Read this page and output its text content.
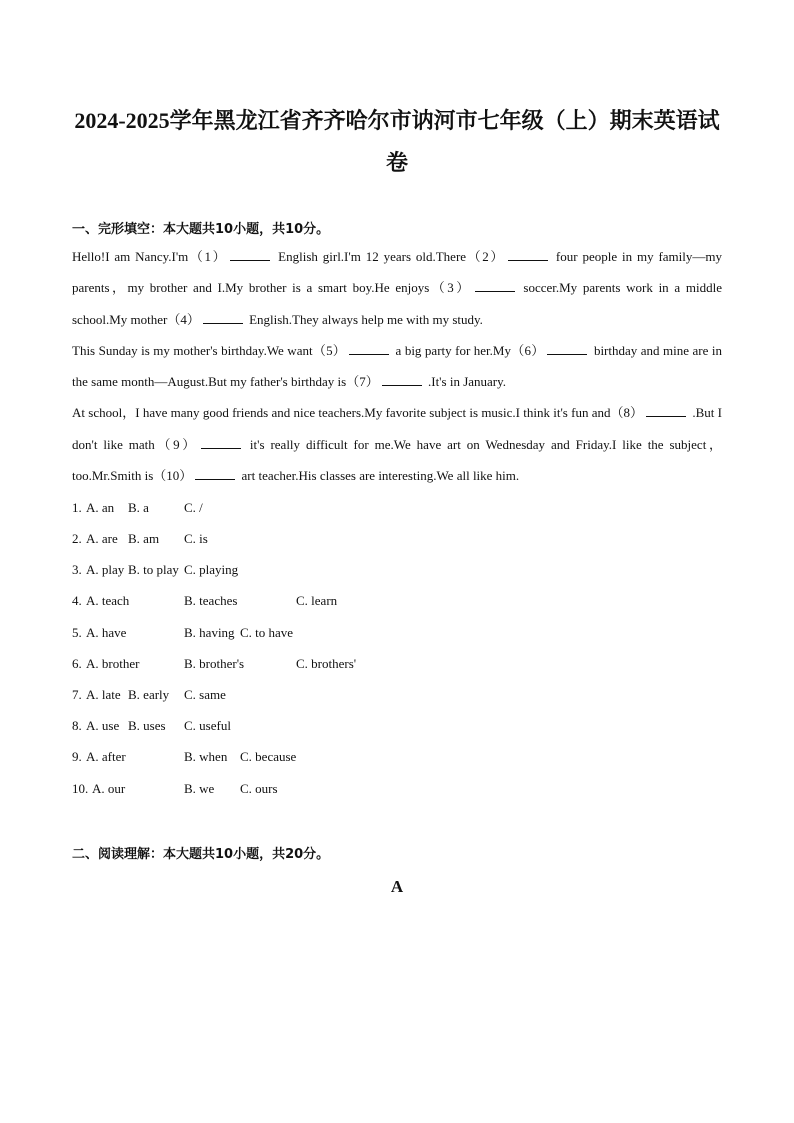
2024-2025学年黑龙江省齐齐哈尔市讷河市七年级（上）期末英语试
卷
一、完形填空：本大题共10小题，共10分。

Hello!I am Nancy.I'm（1）	English girl.I'm 12 years old.There（2）	four people in my family—my parents，my brother and I.My brother is a smart boy.He enjoys（3）	soccer.My parents work in a middle school.My mother（4）	English.They always help me with my study.

This Sunday is my mother's birthday.We want（5）	a big party for her.My（6）	birthday and mine are in the same month—August.But my father's birthday is（7）	.It's in January.

At school，I have many good friends and nice teachers.My favorite subject is music.I think it's fun and（8）	.But I don't like math（9）	it's really difficult for me.We have art on Wednesday and Friday.I like the subject，too.Mr.Smith is（10）	art teacher.His classes are interesting.We all like him.

1. A. an B. a	C. /
2. A. are B. am C. is
3. A. play B. to play C. playing
4. A. teach	B. teaches	C. learn
5. A. have	B. having C. to have
6. A. brother	B. brother's	C. brothers'
7. A. late B. early C. same
8. A. use B. uses C. useful
9. A. after	B. when C. because
10. A. our	B. we C. ours
二、阅读理解：本大题共10小题，共20分。
A
